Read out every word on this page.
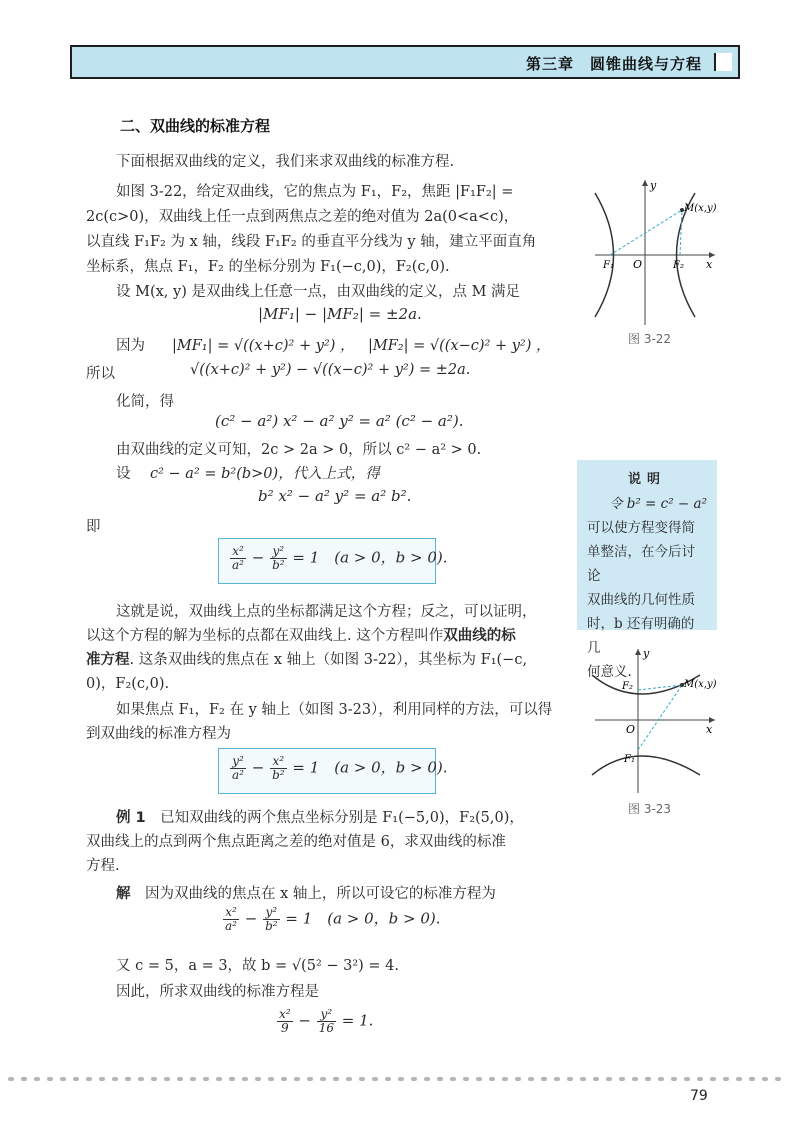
第三章　圆锥曲线与方程
二、双曲线的标准方程
下面根据双曲线的定义，我们来求双曲线的标准方程.
如图 3-22，给定双曲线，它的焦点为 F₁，F₂，焦距 |F₁F₂| =
2c(c>0)，双曲线上任一点到两焦点之差的绝对值为 2a(0<a<c)，
以直线 F₁F₂ 为 x 轴，线段 F₁F₂ 的垂直平分线为 y 轴，建立平面直角
坐标系，焦点 F₁，F₂ 的坐标分别为 F₁(−c,0)，F₂(c,0).
设 M(x, y) 是双曲线上任意一点，由双曲线的定义，点 M 满足
|MF₁| − |MF₂| = ±2a.
因为 |MF₁| = √((x+c)² + y²) ， |MF₂| = √((x−c)² + y²) ，
所以	√((x+c)² + y²) − √((x−c)² + y²) = ±2a.
化简，得
(c² − a²) x² − a² y² = a² (c² − a²).
由双曲线的定义可知，2c > 2a > 0，所以 c² − a² > 0.
设 c² − a² = b²(b>0)，代入上式，得
b² x² − a² y² = a² b².
即
$\frac{\text{x²}}{\text{a²}} - \frac{\text{y²}}{\text{b²}} = 1$　(a > 0，b > 0).
这就是说，双曲线上点的坐标都满足这个方程；反之，可以证明，
以这个方程的解为坐标的点都在双曲线上. 这个方程叫作双曲线的标
准方程. 这条双曲线的焦点在 x 轴上（如图 3-22），其坐标为 F₁(−c,
0)，F₂(c,0).
如果焦点 F₁，F₂ 在 y 轴上（如图 3-23），利用同样的方法，可以得
到双曲线的标准方程为
$\frac{\text{y²}}{\text{a²}} - \frac{\text{x²}}{\text{b²}} = 1$　(a > 0，b > 0).
例 1　已知双曲线的两个焦点坐标分别是 F₁(−5,0)，F₂(5,0)，
双曲线上的点到两个焦点距离之差的绝对值是 6，求双曲线的标准
方程.
解　因为双曲线的焦点在 x 轴上，所以可设它的标准方程为
$\frac{\text{x²}}{\text{a²}} - \frac{\text{y²}}{\text{b²}} = 1$　(a > 0，b > 0).
又 c = 5，a = 3，故 b = √(5² − 3²) = 4.
因此，所求双曲线的标准方程是
$\frac{\text{x²}}{9} - \frac{\text{y²}}{16} = 1$.
y
x
O
F₁	F₂
M(x,y)
图 3-22
说明
令 b² = c² − a²
可以使方程变得简
单整洁，在今后讨论
双曲线的几何性质
时，b 还有明确的几
何意义.
y
x
O
F₂
F₁
M(x,y)
图 3-23
79
